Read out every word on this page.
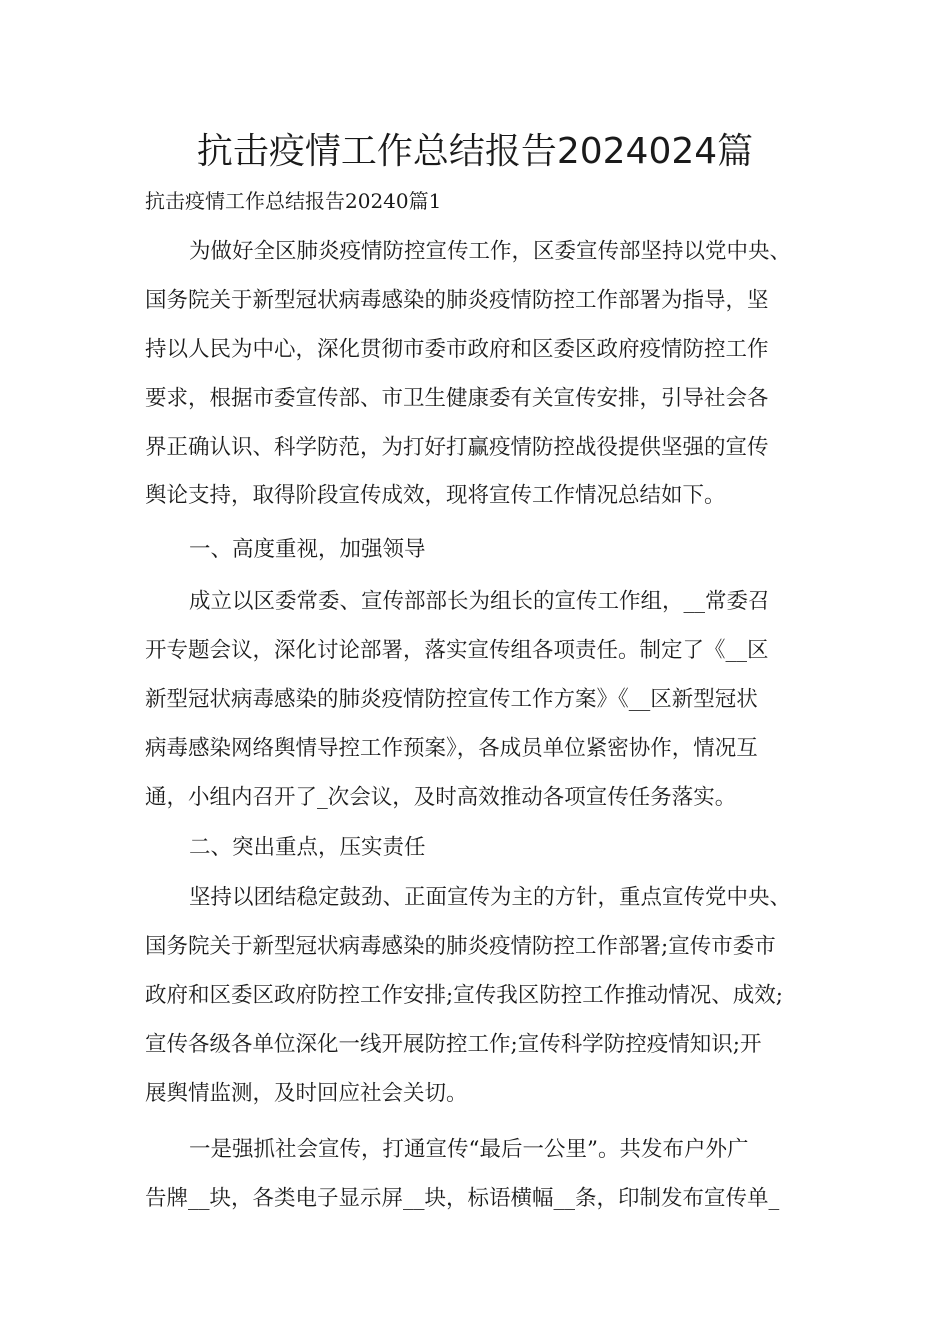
抗击疫情工作总结报告2024024篇
抗击疫情工作总结报告20240篇1
为做好全区肺炎疫情防控宣传工作，区委宣传部坚持以党中央、
国务院关于新型冠状病毒感染的肺炎疫情防控工作部署为指导，坚
持以人民为中心，深化贯彻市委市政府和区委区政府疫情防控工作
要求，根据市委宣传部、市卫生健康委有关宣传安排，引导社会各
界正确认识、科学防范，为打好打赢疫情防控战役提供坚强的宣传
舆论支持，取得阶段宣传成效，现将宣传工作情况总结如下。
一、高度重视，加强领导
成立以区委常委、宣传部部长为组长的宣传工作组，__常委召
开专题会议，深化讨论部署，落实宣传组各项责任。制定了《__区
新型冠状病毒感染的肺炎疫情防控宣传工作方案》《__区新型冠状
病毒感染网络舆情导控工作预案》，各成员单位紧密协作，情况互
通，小组内召开了_次会议，及时高效推动各项宣传任务落实。
二、突出重点，压实责任
坚持以团结稳定鼓劲、正面宣传为主的方针，重点宣传党中央、
国务院关于新型冠状病毒感染的肺炎疫情防控工作部署;宣传市委市
政府和区委区政府防控工作安排;宣传我区防控工作推动情况、成效;
宣传各级各单位深化一线开展防控工作;宣传科学防控疫情知识;开
展舆情监测，及时回应社会关切。
一是强抓社会宣传，打通宣传“最后一公里”。共发布户外广
告牌__块，各类电子显示屏__块，标语横幅__条，印制发布宣传单_
